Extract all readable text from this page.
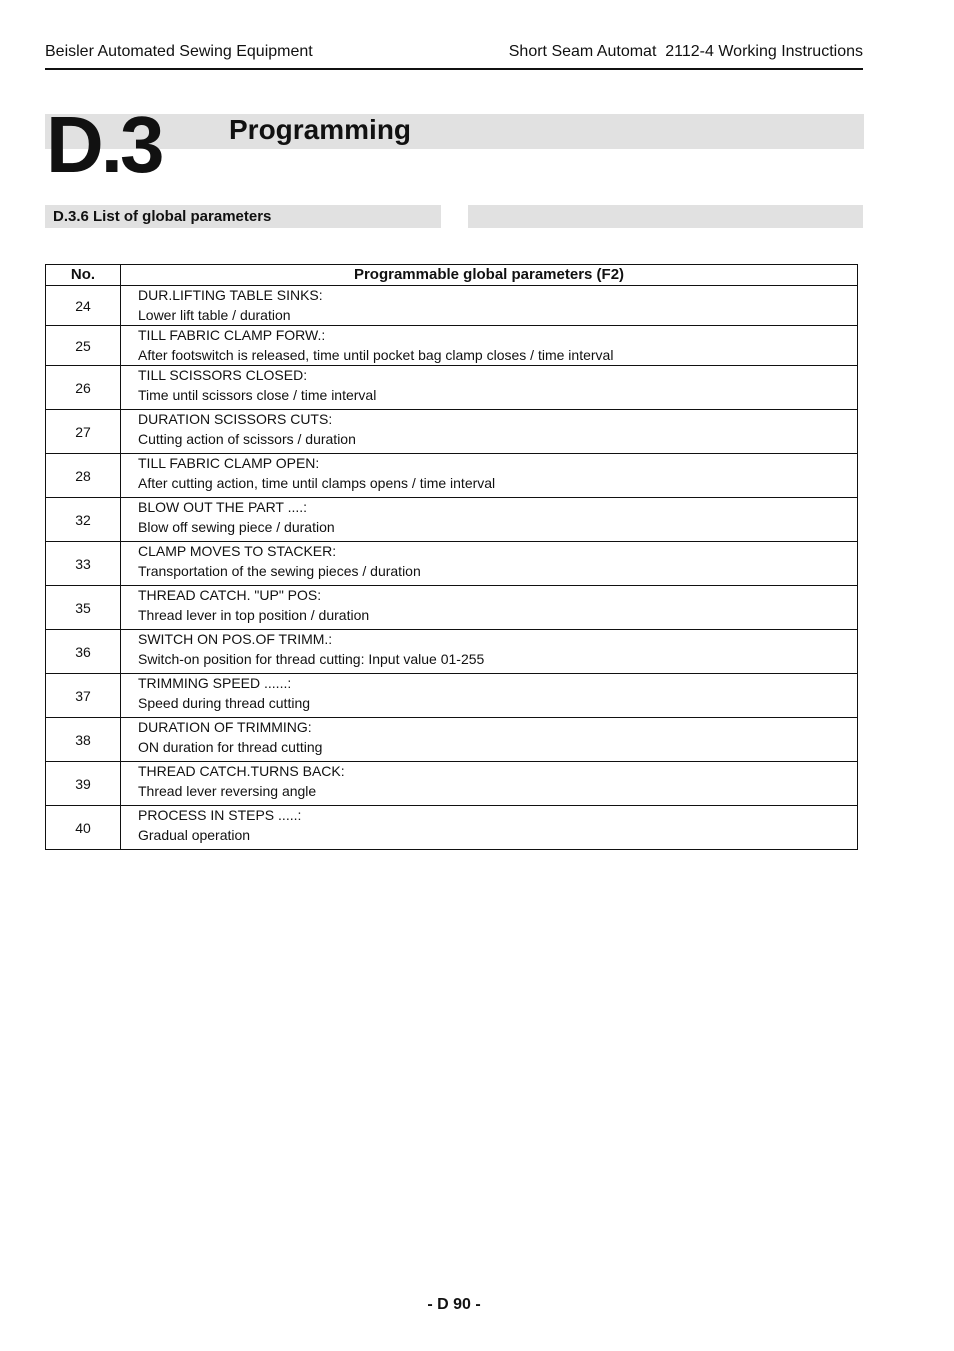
Beisler Automated Sewing Equipment	Short Seam Automat  2112-4 Working Instructions
D.3 Programming
D.3.6 List of global parameters
No.	Programmable global parameters (F2)
24	DUR.LIFTING TABLE SINKS:
Lower lift table / duration

25	TILL FABRIC CLAMP FORW.:
After footswitch is released, time until pocket bag clamp closes / time interval

26	TILL SCISSORS CLOSED:
Time until scissors close / time interval

27	DURATION SCISSORS CUTS:
Cutting action of scissors / duration

28	TILL FABRIC CLAMP OPEN:
After cutting action, time until clamps opens / time interval

32	BLOW OUT THE PART ....:
Blow off sewing piece / duration

33	CLAMP MOVES TO STACKER:
Transportation of the sewing pieces / duration

35	THREAD CATCH. "UP" POS:
Thread lever in top position / duration

36	SWITCH ON POS.OF TRIMM.:
Switch-on position for thread cutting: Input value 01-255

37	TRIMMING SPEED ......:
Speed during thread cutting

38	DURATION OF TRIMMING:
ON duration for thread cutting

39	THREAD CATCH.TURNS BACK:
Thread lever reversing angle

40	PROCESS IN STEPS .....:
Gradual operation
- D 90 -
